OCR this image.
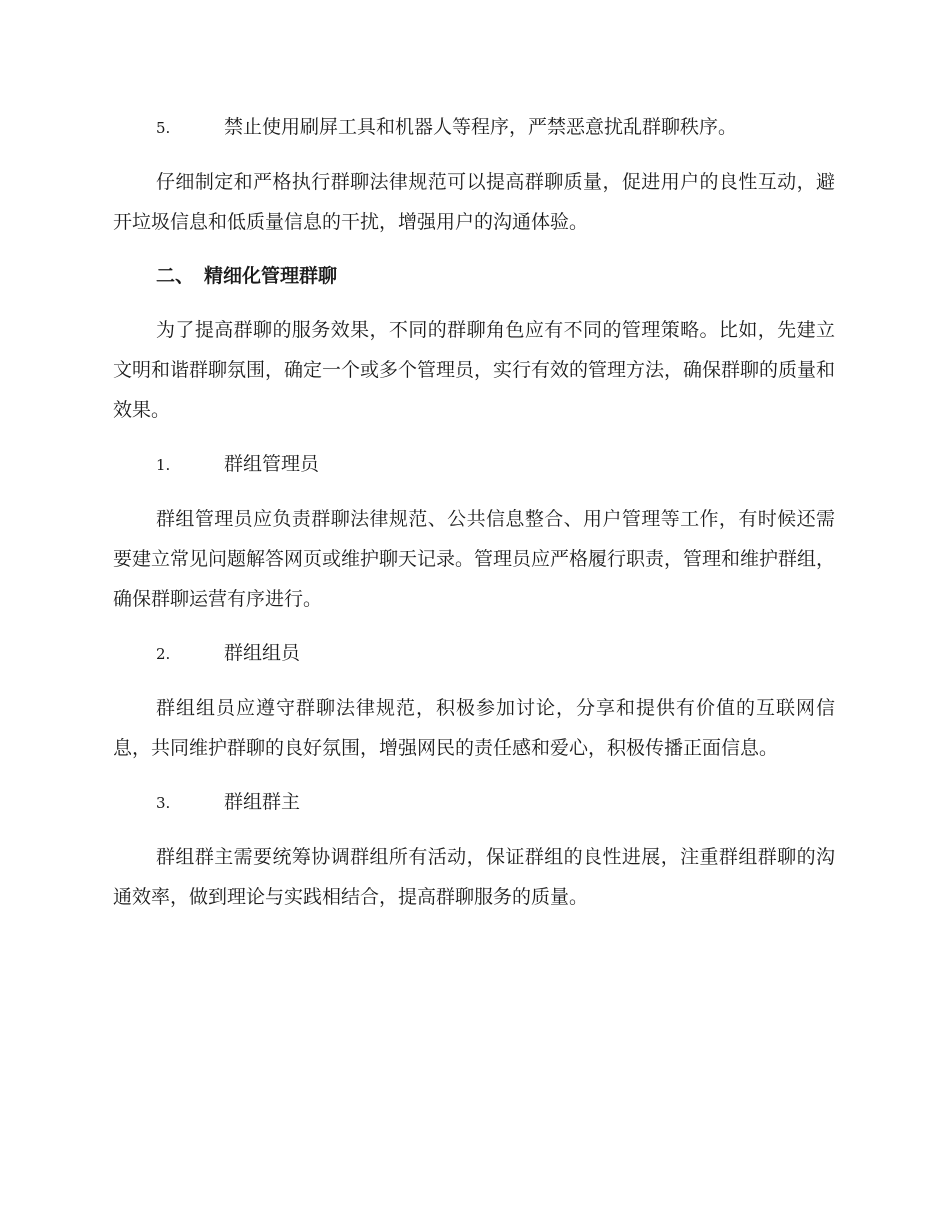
5.	禁止使用刷屏工具和机器人等程序，严禁恶意扰乱群聊秩序。

仔细制定和严格执行群聊法律规范可以提高群聊质量，促进用户的良性互动，避开垃圾信息和低质量信息的干扰，增强用户的沟通体验。

二、 精细化管理群聊

为了提高群聊的服务效果，不同的群聊角色应有不同的管理策略。比如，先建立文明和谐群聊氛围，确定一个或多个管理员，实行有效的管理方法，确保群聊的质量和效果。

1.	群组管理员

群组管理员应负责群聊法律规范、公共信息整合、用户管理等工作，有时候还需要建立常见问题解答网页或维护聊天记录。管理员应严格履行职责，管理和维护群组，确保群聊运营有序进行。

2.	群组组员

群组组员应遵守群聊法律规范，积极参加讨论，分享和提供有价值的互联网信息，共同维护群聊的良好氛围，增强网民的责任感和爱心，积极传播正面信息。

3.	群组群主

群组群主需要统筹协调群组所有活动，保证群组的良性进展，注重群组群聊的沟通效率，做到理论与实践相结合，提高群聊服务的质量。
